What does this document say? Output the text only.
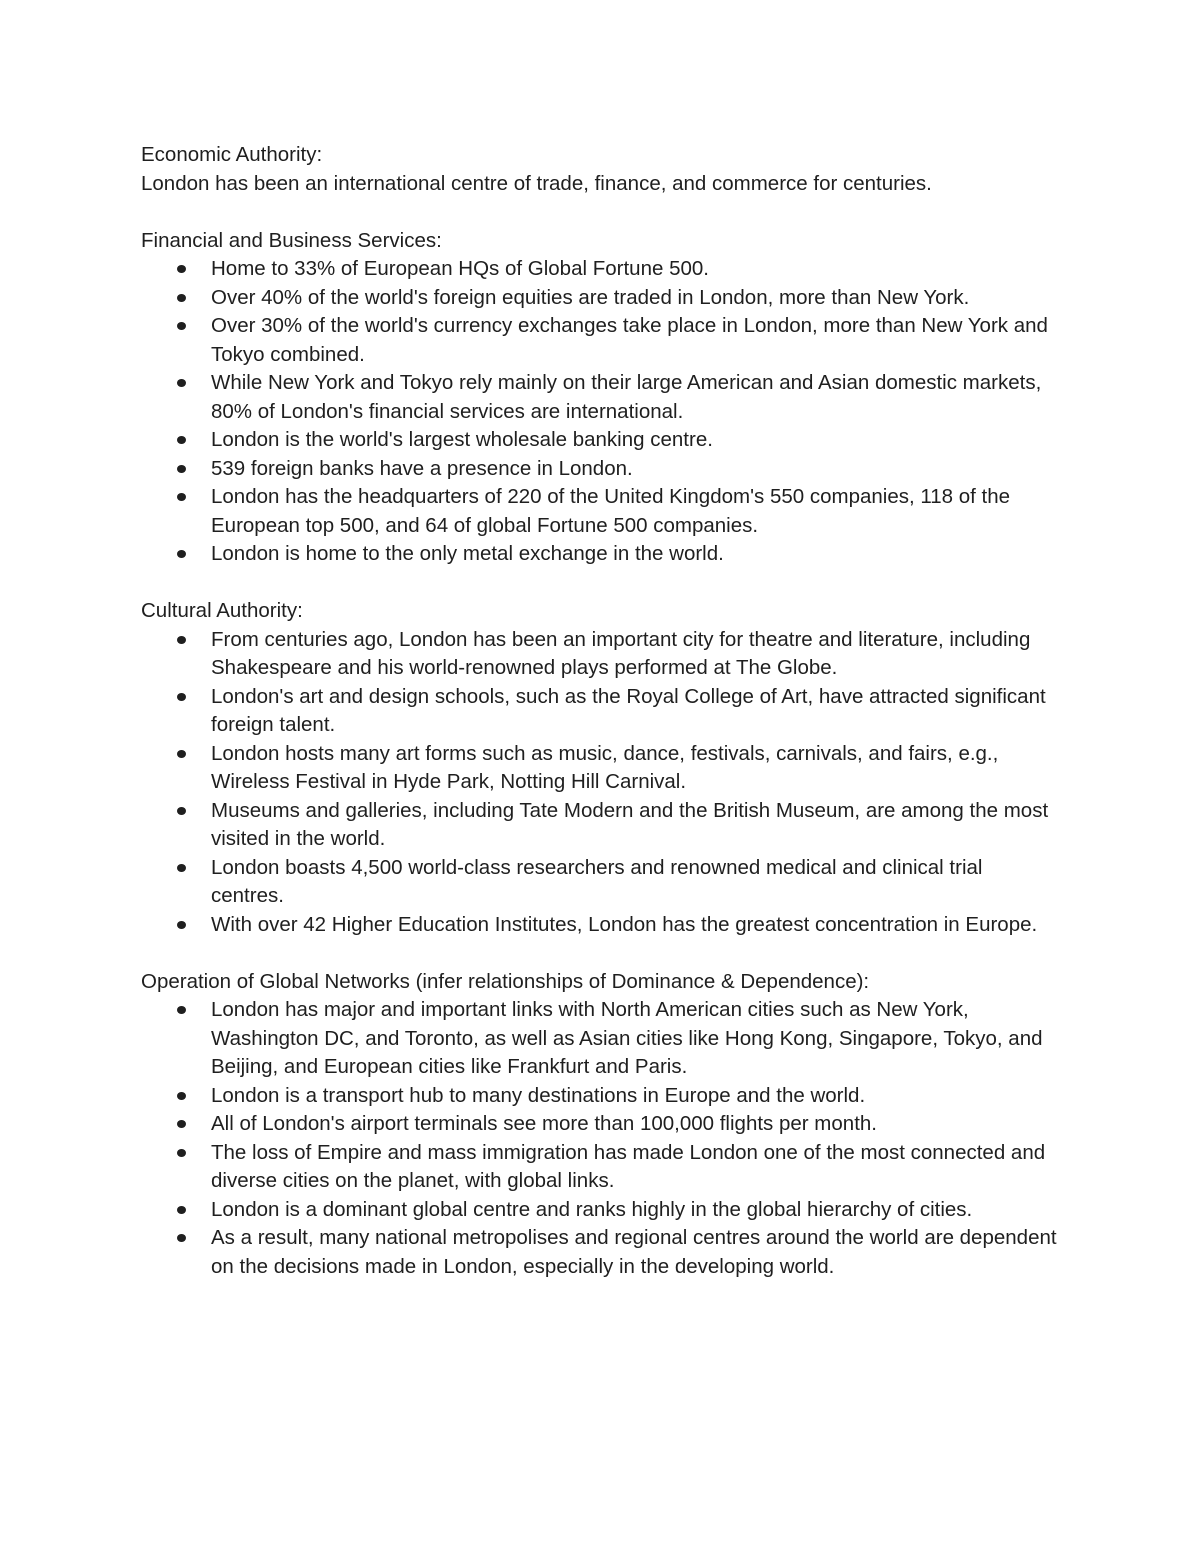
Economic Authority:

London has been an international centre of trade, finance, and commerce for centuries.

Financial and Business Services:

Home to 33% of European HQs of Global Fortune 500.
Over 40% of the world's foreign equities are traded in London, more than New York.
Over 30% of the world's currency exchanges take place in London, more than New York and Tokyo combined.
While New York and Tokyo rely mainly on their large American and Asian domestic markets, 80% of London's financial services are international.
London is the world's largest wholesale banking centre.
539 foreign banks have a presence in London.
London has the headquarters of 220 of the United Kingdom's 550 companies, 118 of the European top 500, and 64 of global Fortune 500 companies.
London is home to the only metal exchange in the world.

Cultural Authority:

From centuries ago, London has been an important city for theatre and literature, including Shakespeare and his world-renowned plays performed at The Globe.
London's art and design schools, such as the Royal College of Art, have attracted significant foreign talent.
London hosts many art forms such as music, dance, festivals, carnivals, and fairs, e.g., Wireless Festival in Hyde Park, Notting Hill Carnival.
Museums and galleries, including Tate Modern and the British Museum, are among the most visited in the world.
London boasts 4,500 world-class researchers and renowned medical and clinical trial centres.
With over 42 Higher Education Institutes, London has the greatest concentration in Europe.

Operation of Global Networks (infer relationships of Dominance & Dependence):

London has major and important links with North American cities such as New York, Washington DC, and Toronto, as well as Asian cities like Hong Kong, Singapore, Tokyo, and Beijing, and European cities like Frankfurt and Paris.
London is a transport hub to many destinations in Europe and the world.
All of London's airport terminals see more than 100,000 flights per month.
The loss of Empire and mass immigration has made London one of the most connected and diverse cities on the planet, with global links.
London is a dominant global centre and ranks highly in the global hierarchy of cities.
As a result, many national metropolises and regional centres around the world are dependent on the decisions made in London, especially in the developing world.
